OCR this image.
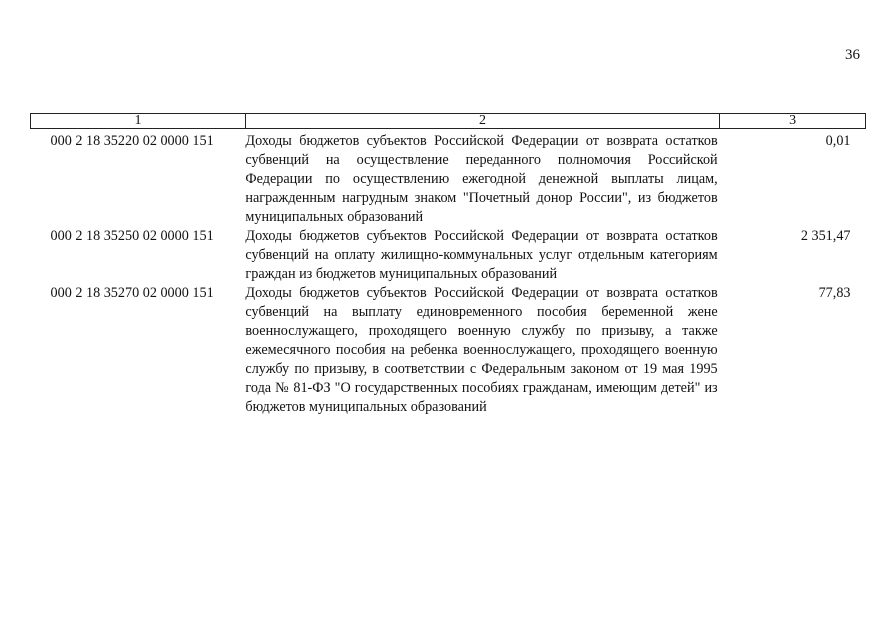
36
1	2	3
000 2 18 35220 02 0000 151	Доходы бюджетов субъектов Российской Федерации от возврата остатков субвенций на осуществление переданного полномочия Российской Федерации по осуществлению ежегодной денежной выплаты лицам, награжденным нагрудным знаком "Почетный донор России", из бюджетов муниципальных образований	0,01
000 2 18 35250 02 0000 151	Доходы бюджетов субъектов Российской Федерации от возврата остатков субвенций на оплату жилищно-коммунальных услуг отдельным категориям граждан из бюджетов муниципальных образований	2 351,47
000 2 18 35270 02 0000 151	Доходы бюджетов субъектов Российской Федерации от возврата остатков субвенций на выплату единовременного пособия беременной жене военнослужащего, проходящего военную службу по призыву, а также ежемесячного пособия на ребенка военнослужащего, проходящего военную службу по призыву, в соответствии с Федеральным законом от 19 мая 1995 года № 81-ФЗ "О государственных пособиях гражданам, имеющим детей" из бюджетов муниципальных образований	77,83
